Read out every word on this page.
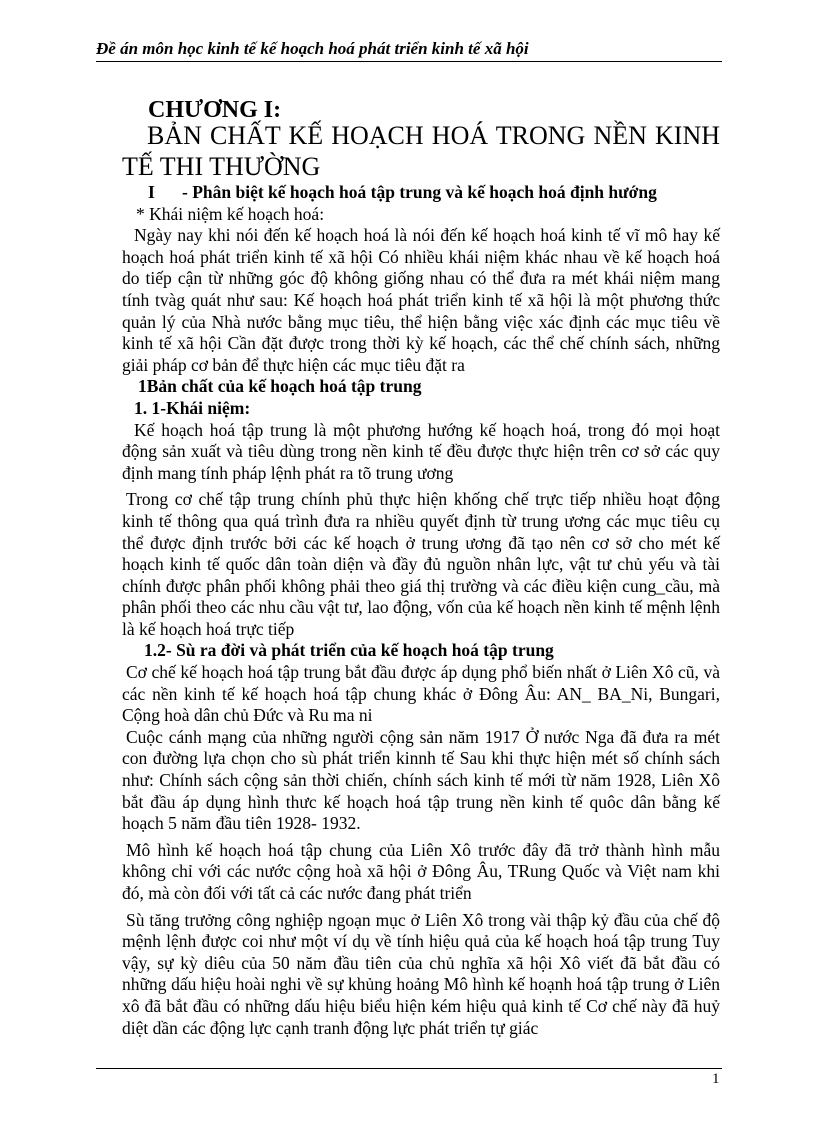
Đề án môn học kinh tế kế hoạch hoá phát triển kinh tế xã hội
CHƯƠNG I:
BẢN CHẤT KẾ HOẠCH HOÁ TRONG NỀN KINH TẾ THI THƯỜNG

I - Phân biệt kế hoạch hoá tập trung và kế hoạch hoá định hướng

* Khái niệm kế hoạch hoá:

Ngày nay khi nói đến kế hoạch hoá là nói đến kế hoạch hoá kinh tế vĩ mô hay kế hoạch hoá phát triển kinh tế xã hội Có nhiều khái niệm khác nhau về kế hoạch hoá do tiếp cận từ những góc độ không giống nhau có thể đưa ra mét khái niệm mang tính tvàg quát như sau: Kế hoạch hoá phát triển kinh tế xã hội là một phương thức quản lý của Nhà nước bằng mục tiêu, thể hiện bằng việc xác định các mục tiêu về kinh tế xã hội Cần đặt được trong thời kỳ kế hoạch, các thể chế chính sách, những giải pháp cơ bản để thực hiện các mục tiêu đặt ra

1Bản chất của kế hoạch hoá tập trung

1. 1-Khái niệm:

Kế hoạch hoá tập trung là một phương hướng kế hoạch hoá, trong đó mọi hoạt động sản xuất và tiêu dùng trong nền kinh tế đều được thực hiện trên cơ sở các quy định mang tính pháp lệnh phát ra tõ trung ương

Trong cơ chế tập trung chính phủ thực hiện khống chế trực tiếp nhiều hoạt động kinh tế thông qua quá trình đưa ra nhiều quyết định từ trung ương các mục tiêu cụ thể được định trước bởi các kế hoạch ở trung ương đã tạo nên cơ sở cho mét kế hoạch kinh tế quốc dân toàn diện và đầy đủ nguồn nhân lực, vật tư chủ yếu và tài chính được phân phối không phải theo giá thị trường và các điều kiện cung_cầu, mà phân phối theo các nhu cầu vật tư, lao động, vốn của kế hoạch nền kinh tế mệnh lệnh là kế hoạch hoá trực tiếp

1.2- Sù ra đời và phát triển của kế hoạch hoá tập trung

Cơ chế kế hoạch hoá tập trung bắt đầu được áp dụng phổ biến nhất ở Liên Xô cũ, và các nền kinh tế kế hoạch hoá tập chung khác ở Đông Âu: AN_ BA_Ni, Bungari, Cộng hoà dân chủ Đức và Ru ma ni

Cuộc cánh mạng của những người cộng sản năm 1917 Ở nước Nga đã đưa ra mét con đường lựa chọn cho sù phát triển kinnh tế Sau khi thực hiện mét số chính sách như: Chính sách cộng sản thời chiến, chính sách kinh tế mới từ năm 1928, Liên Xô bắt đầu áp dụng hình thưc kế hoạch hoá tập trung nền kinh tế quôc dân bằng kế hoạch 5 năm đầu tiên 1928- 1932.

Mô hình kế hoạch hoá tập chung của Liên Xô trước đây đã trở thành hình mẫu không chỉ với các nước cộng hoà xã hội ở Đông Âu, TRung Quốc và Việt nam khi đó, mà còn đối với tất cả các nước đang phát triển

Sù tăng trưởng công nghiệp ngoạn mục ở Liên Xô trong vài thập kỷ đầu của chế độ mệnh lệnh được coi như một ví dụ về tính hiệu quả của kế hoạch hoá tập trung Tuy vậy, sự kỳ diêu của 50 năm đầu tiên của chủ nghĩa xã hội Xô viết đã bắt đầu có những dấu hiệu hoài nghi về sự khủng hoảng Mô hình kế hoạnh hoá tập trung ở Liên xô đã bắt đầu có những dấu hiệu biểu hiện kém hiệu quả kinh tế Cơ chế này đã huỷ diệt dần các động lực cạnh tranh động lực phát triển tự giác

1
